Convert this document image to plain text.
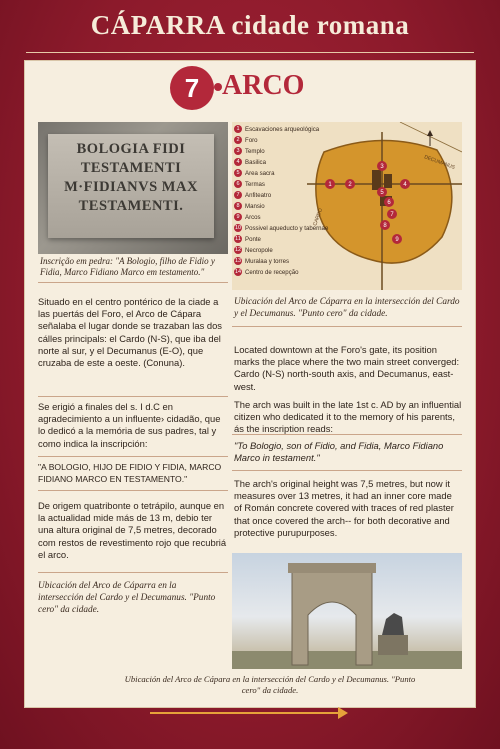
CÁPARRA cidade romana
7 ARCO
BOLOGIA FIDI
TESTAMENTI
M·FIDIANVS MAX
TESTAMENTI.
Inscrição em pedra: "A Bologio, filho de Fidio y Fidia, Marco Fidiano Marco em testamento."
1	2
3
4
5
6
7
8
9
DECUMANUS
CARDO
1 Escavaciones arqueológica
2 Foro
3 Templo
4 Basilica
5 Area sacra
6 Termas
7 Anfiteatro
8 Mansio
9 Arcos
10 Possivel aqueducto y tabernae
11 Ponte
12 Necropole
13 Muralaa y torres
14 Centro de recepção
Ubicación del Arco de Cáparra en la intersección del Cardo y el Decumanus. "Punto cero" da cidade.

Situado en el centro pontérico de la ciade a las puertás del Foro, el Arco de Cápara señalaba el lugar donde se trazaban las dos cálles principals: el Cardo (N-S), que iba del norte al sur, y el Decumanus (E-O), que cruzaba de este a oeste. (Conuna).

Se erigió a finales del s. I d.C en agradecimiento a un influente› cidadão, que lo dedicó a la memória de sus padres, tal y como indica la inscripción:

"A BOLOGIO, HIJO DE FIDIO Y FIDIA, MARCO FIDIANO MARCO EN TESTAMENTO."

De origem quatribonte o tetrápilo, aunque en la actualidad mide más de 13 m, debio ter una altura original de 7,5 metres, decorado com restos de revestimento rojo que recubriá el arco.

Ubicación del Arco de Cáparra en la intersección del Cardo y el Decumanus. "Punto cero" da cidade.

Located downtown at the Foro's gate, its position marks the place where the two main street converged: Cardo (N-S) north-south axis, and Decumanus, east-west.

The arch was built in the late 1st c. AD by an influential citizen who dedicated it to the memory of his parents, ás the inscription reads:

"To Bologio, son of Fidio, and Fidia, Marco Fidiano Marco in testament."

The arch's original height was 7,5 metres, but now it measures over 13 metres, it had an inner core made of Román concrete covered with traces of red plaster that once covered the arch-- for both decorative and protective purupurposes.

Ubicación del Arco de Cápara en la intersección del Cardo y el Decumanus. "Punto cero" da cidade.
